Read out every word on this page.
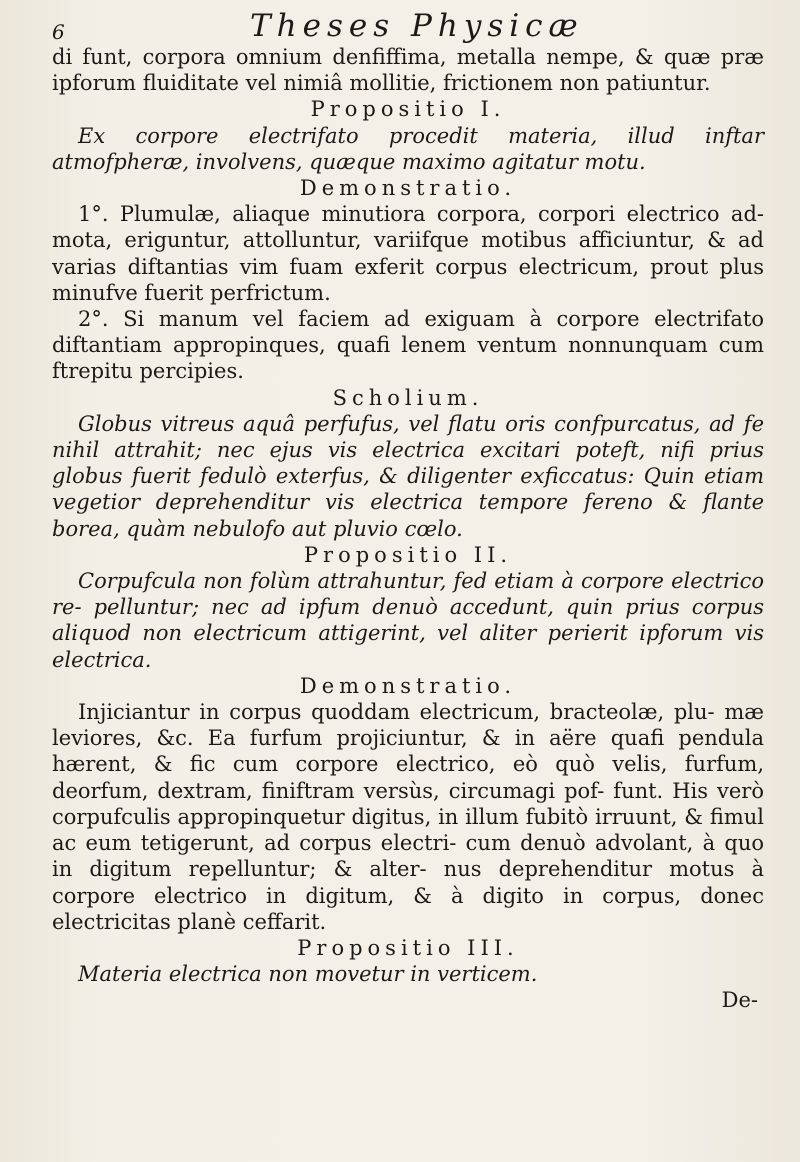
6	Theses Physicæ

di funt, corpora omnium denfiffima, metalla nempe, & quæ præ ipforum fluiditate vel nimiâ mollitie, frictionem non patiuntur.

Propositio I.

Ex corpore electrifato procedit materia, illud inftar atmofpheræ, involvens, quæque maximo agitatur motu.

Demonstratio.

1°. Plumulæ, aliaque minutiora corpora, corpori electrico ad- mota, eriguntur, attolluntur, variifque motibus afficiuntur, & ad varias diftantias vim fuam exferit corpus electricum, prout plus minufve fuerit perfrictum.

2°. Si manum vel faciem ad exiguam à corpore electrifato diftantiam appropinques, quafi lenem ventum nonnunquam cum ftrepitu percipies.

Scholium.

Globus vitreus aquâ perfufus, vel flatu oris confpurcatus, ad fe nihil attrahit; nec ejus vis electrica excitari poteft, nifi prius globus fuerit fedulò exterfus, & diligenter exficcatus: Quin etiam vegetior deprehenditur vis electrica tempore fereno & flante borea, quàm nebulofo aut pluvio cœlo.

Propositio II.

Corpufcula non folùm attrahuntur, fed etiam à corpore electrico re- pelluntur; nec ad ipfum denuò accedunt, quin prius corpus aliquod non electricum attigerint, vel aliter perierit ipforum vis electrica.

Demonstratio.

Injiciantur in corpus quoddam electricum, bracteolæ, plu- mæ leviores, &c. Ea furfum projiciuntur, & in aëre quafi pendula hærent, & fic cum corpore electrico, eò quò velis, furfum, deorfum, dextram, finiftram versùs, circumagi pof- funt. His verò corpufculis appropinquetur digitus, in illum fubitò irruunt, & fimul ac eum tetigerunt, ad corpus electri- cum denuò advolant, à quo in digitum repelluntur; & alter- nus deprehenditur motus à corpore electrico in digitum, & à digito in corpus, donec electricitas planè ceffarit.

Propositio III.

Materia electrica non movetur in verticem.

De-
